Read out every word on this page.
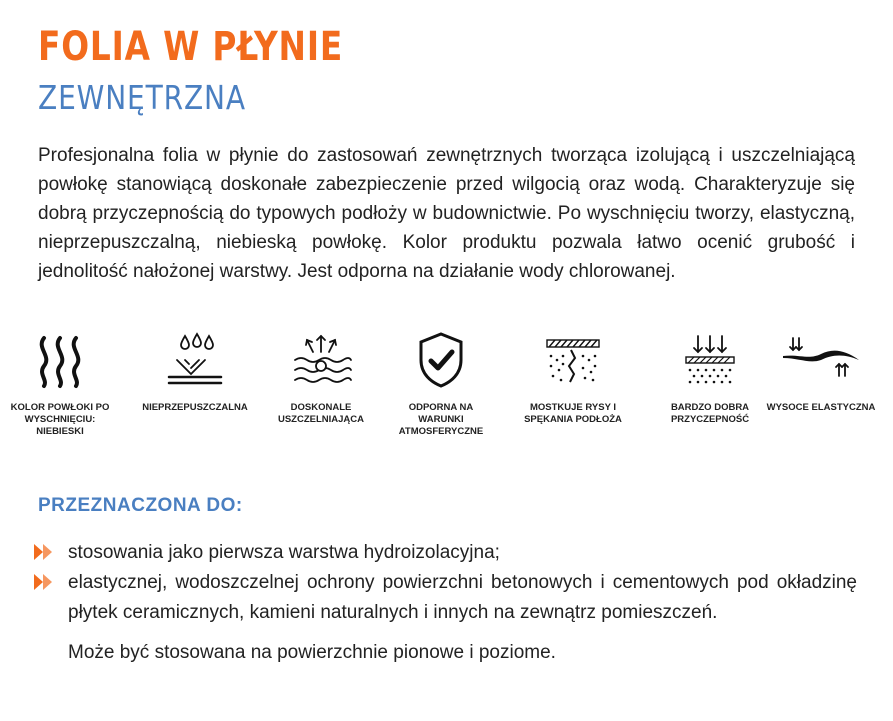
FOLIA W PŁYNIE
ZEWNĘTRZNA

Profesjonalna folia w płynie do zastosowań zewnętrznych tworząca izolującą i uszczelniającą powłokę stanowiącą doskonałe zabezpieczenie przed wilgocią oraz wodą. Charakteryzuje się dobrą przyczepnością do typowych podłoży w budownictwie. Po wyschnięciu tworzy, elastyczną, nieprzepuszczalną, niebieską powłokę. Kolor produktu pozwala łatwo ocenić grubość i jednolitość nałożonej warstwy. Jest odporna na działanie wody chlorowanej.

KOLOR POWŁOKI PO WYSCHNIĘCIU: NIEBIESKI
NIEPRZEPUSZCZALNA	DOSKONALE USZCZELNIAJĄCA
ODPORNA NA WARUNKI ATMOSFERYCZNE
MOSTKUJE RYSY I SPĘKANIA PODŁOŻA
BARDZO DOBRA PRZYCZEPNOŚĆ
WYSOCE ELASTYCZNA
PRZEZNACZONA DO:
stosowania jako pierwsza warstwa hydroizolacyjna;
elastycznej, wodoszczelnej ochrony powierzchni betonowych i cementowych pod okładzinę płytek ceramicznych, kamieni naturalnych i innych na zewnątrz pomieszczeń.
Może być stosowana na powierzchnie pionowe i poziome.
